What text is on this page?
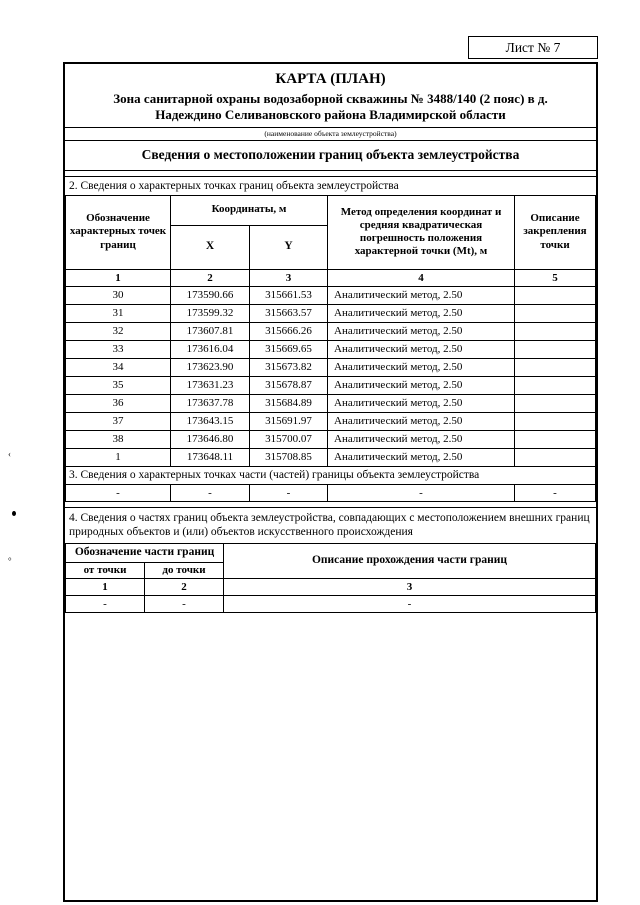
‹
°
Лист № 7
КАРТА (ПЛАН)
Зона санитарной охраны водозаборной скважины № 3488/140 (2 пояс) в д. Надеждино Селивановского района Владимирской области
(наименование объекта землеустройства)
Сведения о местоположении границ объекта землеустройства
2. Сведения о характерных точках границ объекта землеустройства
Обозначение характерных точек границ	Координаты, м		Метод определения координат и средняя квадратическая погрешность положения характерной точки (Mt), м	Описание закрепления точки
	X	Y		
1	2	3	4	5
30	173590.66	315661.53	Аналитический метод, 2.50	
31	173599.32	315663.57	Аналитический метод, 2.50	
32	173607.81	315666.26	Аналитический метод, 2.50	
33	173616.04	315669.65	Аналитический метод, 2.50	
34	173623.90	315673.82	Аналитический метод, 2.50	
35	173631.23	315678.87	Аналитический метод, 2.50	
36	173637.78	315684.89	Аналитический метод, 2.50	
37	173643.15	315691.97	Аналитический метод, 2.50	
38	173646.80	315700.07	Аналитический метод, 2.50	
1	173648.11	315708.85	Аналитический метод, 2.50	
3. Сведения о характерных точках части (частей) границы объекта землеустройства				
-	-	-	-	-
4. Сведения о частях границ объекта землеустройства, совпадающих с местоположением внешних границ природных объектов и (или) объектов искусственного происхождения
Обозначение части границ		Описание прохождения части границ
от точки	до точки	
1	2	3
-	-	-
